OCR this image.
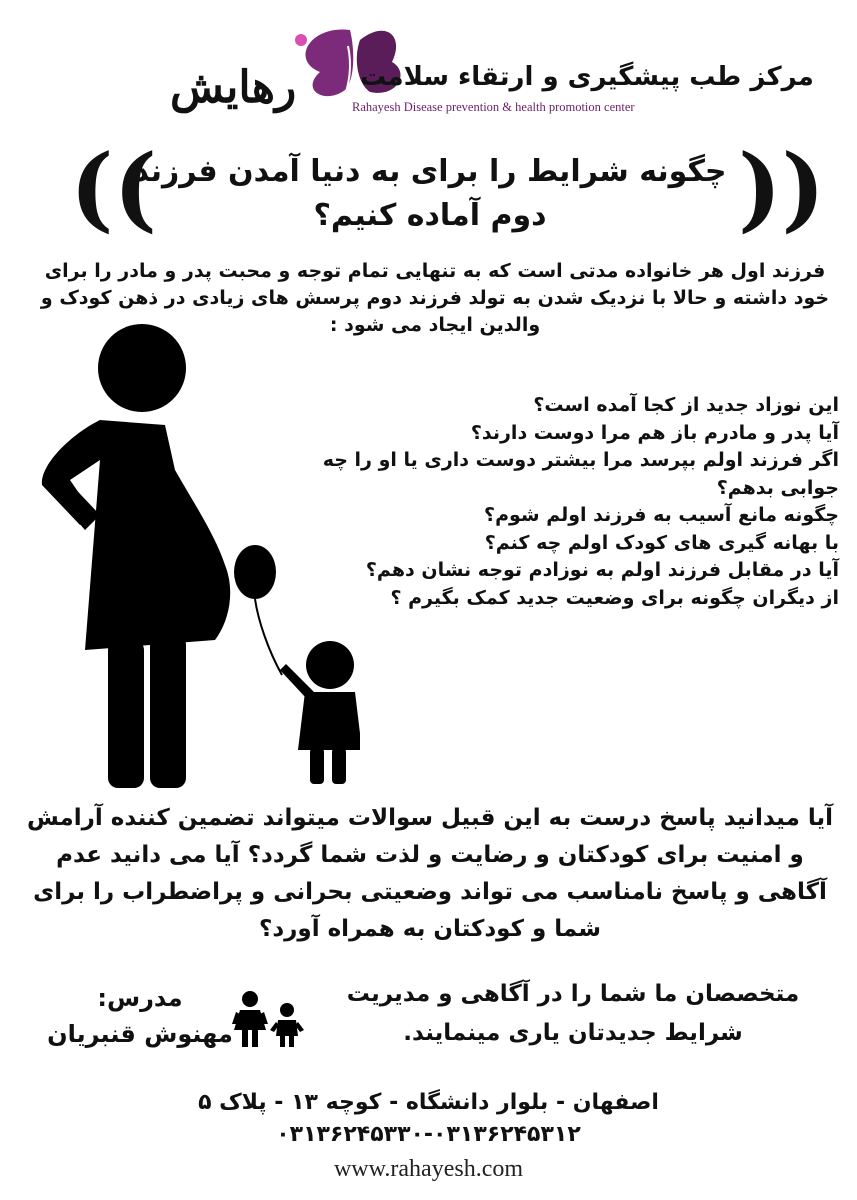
مرکز طب پیشگیری و ارتقاء سلامت
رهایش	Rahayesh Disease prevention & health promotion center
((	))
چگونه شرایط را برای به دنیا آمدن فرزند
دوم آماده کنیم؟
فرزند اول هر خانواده مدتی است که به تنهایی تمام توجه و محبت پدر و مادر را برای خود داشته و حالا با نزدیک شدن به تولد فرزند دوم پرسش های زیادی در ذهن کودک و والدین ایجاد می شود :
این نوزاد جدید از کجا آمده است؟
آیا پدر و مادرم باز هم مرا دوست دارند؟
اگر فرزند اولم بپرسد مرا بیشتر دوست داری یا او را چه جوابی بدهم؟
چگونه مانع آسیب به فرزند اولم شوم؟
با بهانه گیری های کودک اولم چه کنم؟
آیا در مقابل فرزند اولم به نوزادم توجه نشان دهم؟
از دیگران چگونه برای وضعیت جدید کمک بگیرم ؟
آیا میدانید پاسخ درست به این قبیل سوالات میتواند تضمین کننده آرامش و امنیت برای کودکتان و رضایت و لذت شما گردد؟ آیا می دانید عدم آگاهی و پاسخ نامناسب می تواند وضعیتی بحرانی و پراضطراب را برای شما و کودکتان به همراه آورد؟
متخصصان ما شما را در آگاهی و مدیریت
شرایط جدیدتان یاری مینمایند.
مدرس:
مهنوش قنبریان
اصفهان - بلوار دانشگاه - کوچه ۱۳ - پلاک ۵
۰۳۱۳۶۲۴۵۳۳۰-۰۳۱۳۶۲۴۵۳۱۲
www.rahayesh.com
